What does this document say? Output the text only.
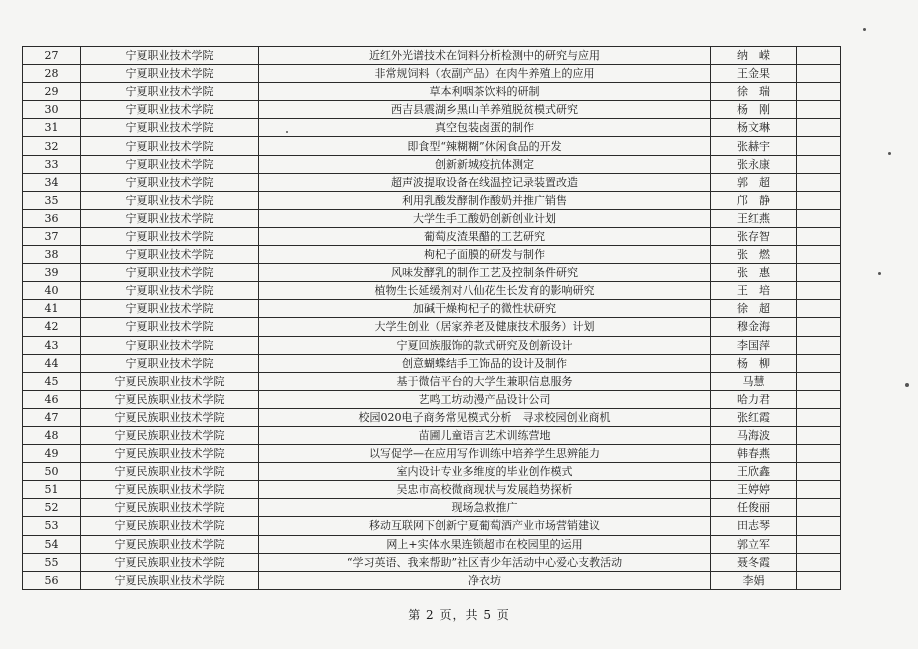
27	宁夏职业技术学院	近红外光谱技术在饲料分析检测中的研究与应用	纳　嵘	
28	宁夏职业技术学院	非常规饲料（农副产品）在肉牛养殖上的应用	王金果	
29	宁夏职业技术学院	草本利咽茶饮料的研制	徐　瑞	
30	宁夏职业技术学院	西吉县震湖乡黑山羊养殖脱贫模式研究	杨　刚	
31	宁夏职业技术学院	真空包装卤蛋的制作	杨文琳	
32	宁夏职业技术学院	即食型“辣糊糊”休闲食品的开发	张赫宇	
33	宁夏职业技术学院	创新新城疫抗体测定	张永康	
34	宁夏职业技术学院	超声波提取设备在线温控记录装置改造	郭　超	
35	宁夏职业技术学院	利用乳酸发酵制作酸奶并推广销售	邝　静	
36	宁夏职业技术学院	大学生手工酸奶创新创业计划	王红燕	
37	宁夏职业技术学院	葡萄皮渣果醋的工艺研究	张存智	
38	宁夏职业技术学院	枸杞子面膜的研发与制作	张　燃	
39	宁夏职业技术学院	风味发酵乳的制作工艺及控制条件研究	张　惠	
40	宁夏职业技术学院	植物生长延缓剂对八仙花生长发育的影响研究	王　培	
41	宁夏职业技术学院	加碱干燥枸杞子的微性状研究	徐　超	
42	宁夏职业技术学院	大学生创业（居家养老及健康技术服务）计划	穆金海	
43	宁夏职业技术学院	宁夏回族服饰的款式研究及创新设计	李国萍	
44	宁夏职业技术学院	创意蝴蝶结手工饰品的设计及制作	杨　柳	
45	宁夏民族职业技术学院	基于微信平台的大学生兼职信息服务	马慧	
46	宁夏民族职业技术学院	艺鸣工坊动漫产品设计公司	哈力君	
47	宁夏民族职业技术学院	校园020电子商务常见模式分析　寻求校园创业商机	张红霞	
48	宁夏民族职业技术学院	苗圃儿童语言艺术训练营地	马海波	
49	宁夏民族职业技术学院	以写促学—在应用写作训练中培养学生思辨能力	韩春燕	
50	宁夏民族职业技术学院	室内设计专业多维度的毕业创作模式	王欣鑫	
51	宁夏民族职业技术学院	吴忠市高校微商现状与发展趋势探析	王婷婷	
52	宁夏民族职业技术学院	现场急救推广	任俊丽	
53	宁夏民族职业技术学院	移动互联网下创新宁夏葡萄酒产业市场营销建议	田志琴	
54	宁夏民族职业技术学院	网上+实体水果连锁超市在校园里的运用	郭立军	
55	宁夏民族职业技术学院	“学习英语、我来帮助”社区青少年活动中心爱心支教活动	聂冬霞	
56	宁夏民族职业技术学院	净衣坊	李娟	
第 2 页，共 5 页
